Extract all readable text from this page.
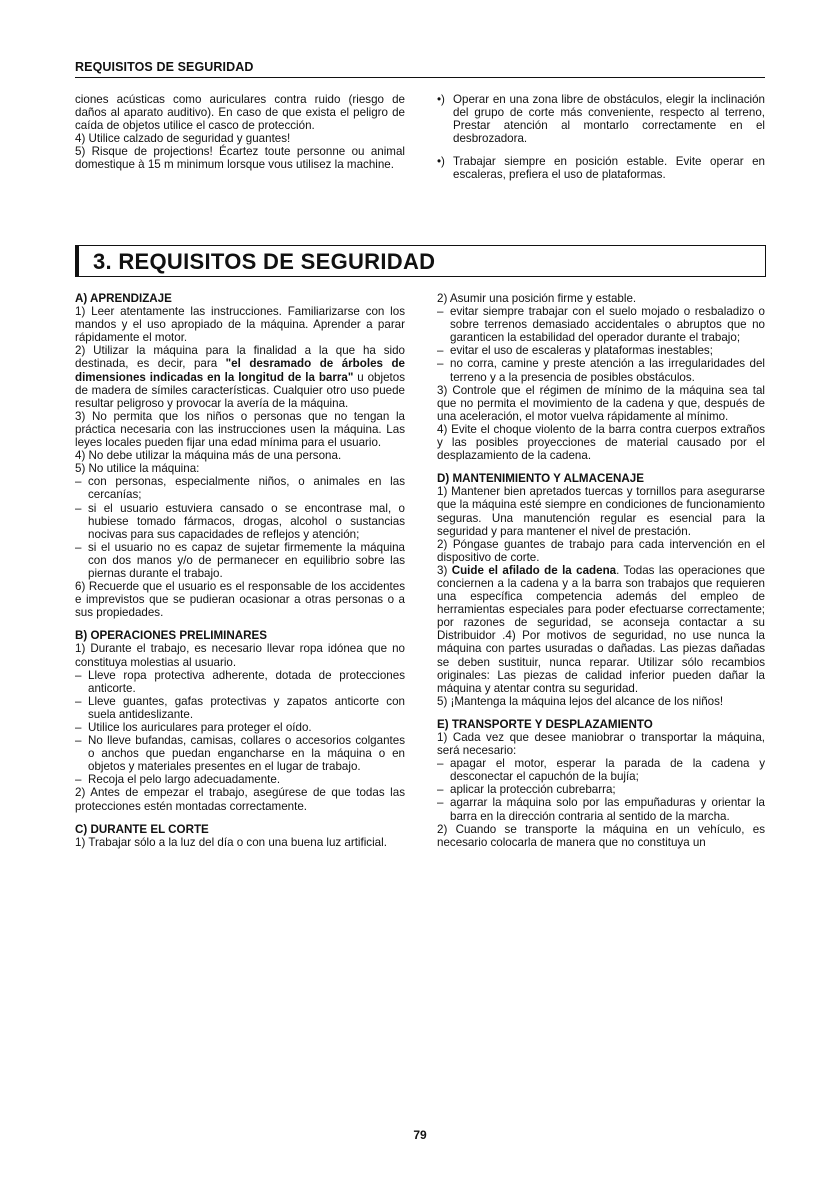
REQUISITOS DE SEGURIDAD

ciones acústicas como auriculares contra ruido (riesgo de daños al aparato auditivo). En caso de que exista el peligro de caída de objetos utilice el casco de protección.

4) Utilice calzado de seguridad y guantes!

5) Risque de projections! Écartez toute personne ou animal domestique à 15 m minimum lorsque vous utilisez la machine.

•) Operar en una zona libre de obstáculos, elegir la inclinación del grupo de corte más conveniente, respecto al terreno, Prestar atención al montarlo correctamente en el desbrozadora.
•) Trabajar siempre en posición estable. Evite operar en escaleras, prefiera el uso de plataformas.
3. REQUISITOS DE SEGURIDAD

A) APRENDIZAJE

1) Leer atentamente las instrucciones. Familiarizarse con los mandos y el uso apropiado de la máquina. Aprender a parar rápidamente el motor.

2) Utilizar la máquina para la finalidad a la que ha sido destinada, es decir, para "el desramado de árboles de dimensiones indicadas en la longitud de la barra" u objetos de madera de símiles características. Cualquier otro uso puede resultar peligroso y provocar la avería de la máquina.

3) No permita que los niños o personas que no tengan la práctica necesaria con las instrucciones usen la máquina. Las leyes locales pueden fijar una edad mínima para el usuario.

4) No debe utilizar la máquina más de una persona.

5) No utilice la máquina:

– con personas, especialmente niños, o animales en las cercanías;
– si el usuario estuviera cansado o se encontrase mal, o hubiese tomado fármacos, drogas, alcohol o sustancias nocivas para sus capacidades de reflejos y atención;
– si el usuario no es capaz de sujetar firmemente la máquina con dos manos y/o de permanecer en equilibrio sobre las piernas durante el trabajo.

6) Recuerde que el usuario es el responsable de los accidentes e imprevistos que se pudieran ocasionar a otras personas o a sus propiedades.

B) OPERACIONES PRELIMINARES

1) Durante el trabajo, es necesario llevar ropa idónea que no constituya molestias al usuario.

– Lleve ropa protectiva adherente, dotada de protecciones anticorte.
– Lleve guantes, gafas protectivas y zapatos anticorte con suela antideslizante.
– Utilice los auriculares para proteger el oído.
– No lleve bufandas, camisas, collares o accesorios colgantes o anchos que puedan engancharse en la máquina o en objetos y materiales presentes en el lugar de trabajo.
– Recoja el pelo largo adecuadamente.

2) Antes de empezar el trabajo, asegúrese de que todas las protecciones estén montadas correctamente.

C) DURANTE EL CORTE

1) Trabajar sólo a la luz del día o con una buena luz artificial.

2) Asumir una posición firme y estable.

– evitar siempre trabajar con el suelo mojado o resbaladizo o sobre terrenos demasiado accidentales o abruptos que no garanticen la estabilidad del operador durante el trabajo;
– evitar el uso de escaleras y plataformas inestables;
– no corra, camine y preste atención a las irregularidades del terreno y a la presencia de posibles obstáculos.

3) Controle que el régimen de mínimo de la máquina sea tal que no permita el movimiento de la cadena y que, después de una aceleración, el motor vuelva rápidamente al mínimo.

4) Evite el choque violento de la barra contra cuerpos extraños y las posibles proyecciones de material causado por el desplazamiento de la cadena.

D) MANTENIMIENTO Y ALMACENAJE

1) Mantener bien apretados tuercas y tornillos para asegurarse que la máquina esté siempre en condiciones de funcionamiento seguras. Una manutención regular es esencial para la seguridad y para mantener el nivel de prestación.

2) Póngase guantes de trabajo para cada intervención en el dispositivo de corte.

3) Cuide el afilado de la cadena. Todas las operaciones que conciernen a la cadena y a la barra son trabajos que requieren una específica competencia además del empleo de herramientas especiales para poder efectuarse correctamente; por razones de seguridad, se aconseja contactar a su Distribuidor .4) Por motivos de seguridad, no use nunca la máquina con partes usuradas o dañadas. Las piezas dañadas se deben sustituir, nunca reparar. Utilizar sólo recambios originales: Las piezas de calidad inferior pueden dañar la máquina y atentar contra su seguridad.

5) ¡Mantenga la máquina lejos del alcance de los niños!

E) TRANSPORTE Y DESPLAZAMIENTO

1) Cada vez que desee maniobrar o transportar la máquina, será necesario:

– apagar el motor, esperar la parada de la cadena y desconectar el capuchón de la bujía;
– aplicar la protección cubrebarra;
– agarrar la máquina solo por las empuñaduras y orientar la barra en la dirección contraria al sentido de la marcha.

2) Cuando se transporte la máquina en un vehículo, es necesario colocarla de manera que no constituya un

79
